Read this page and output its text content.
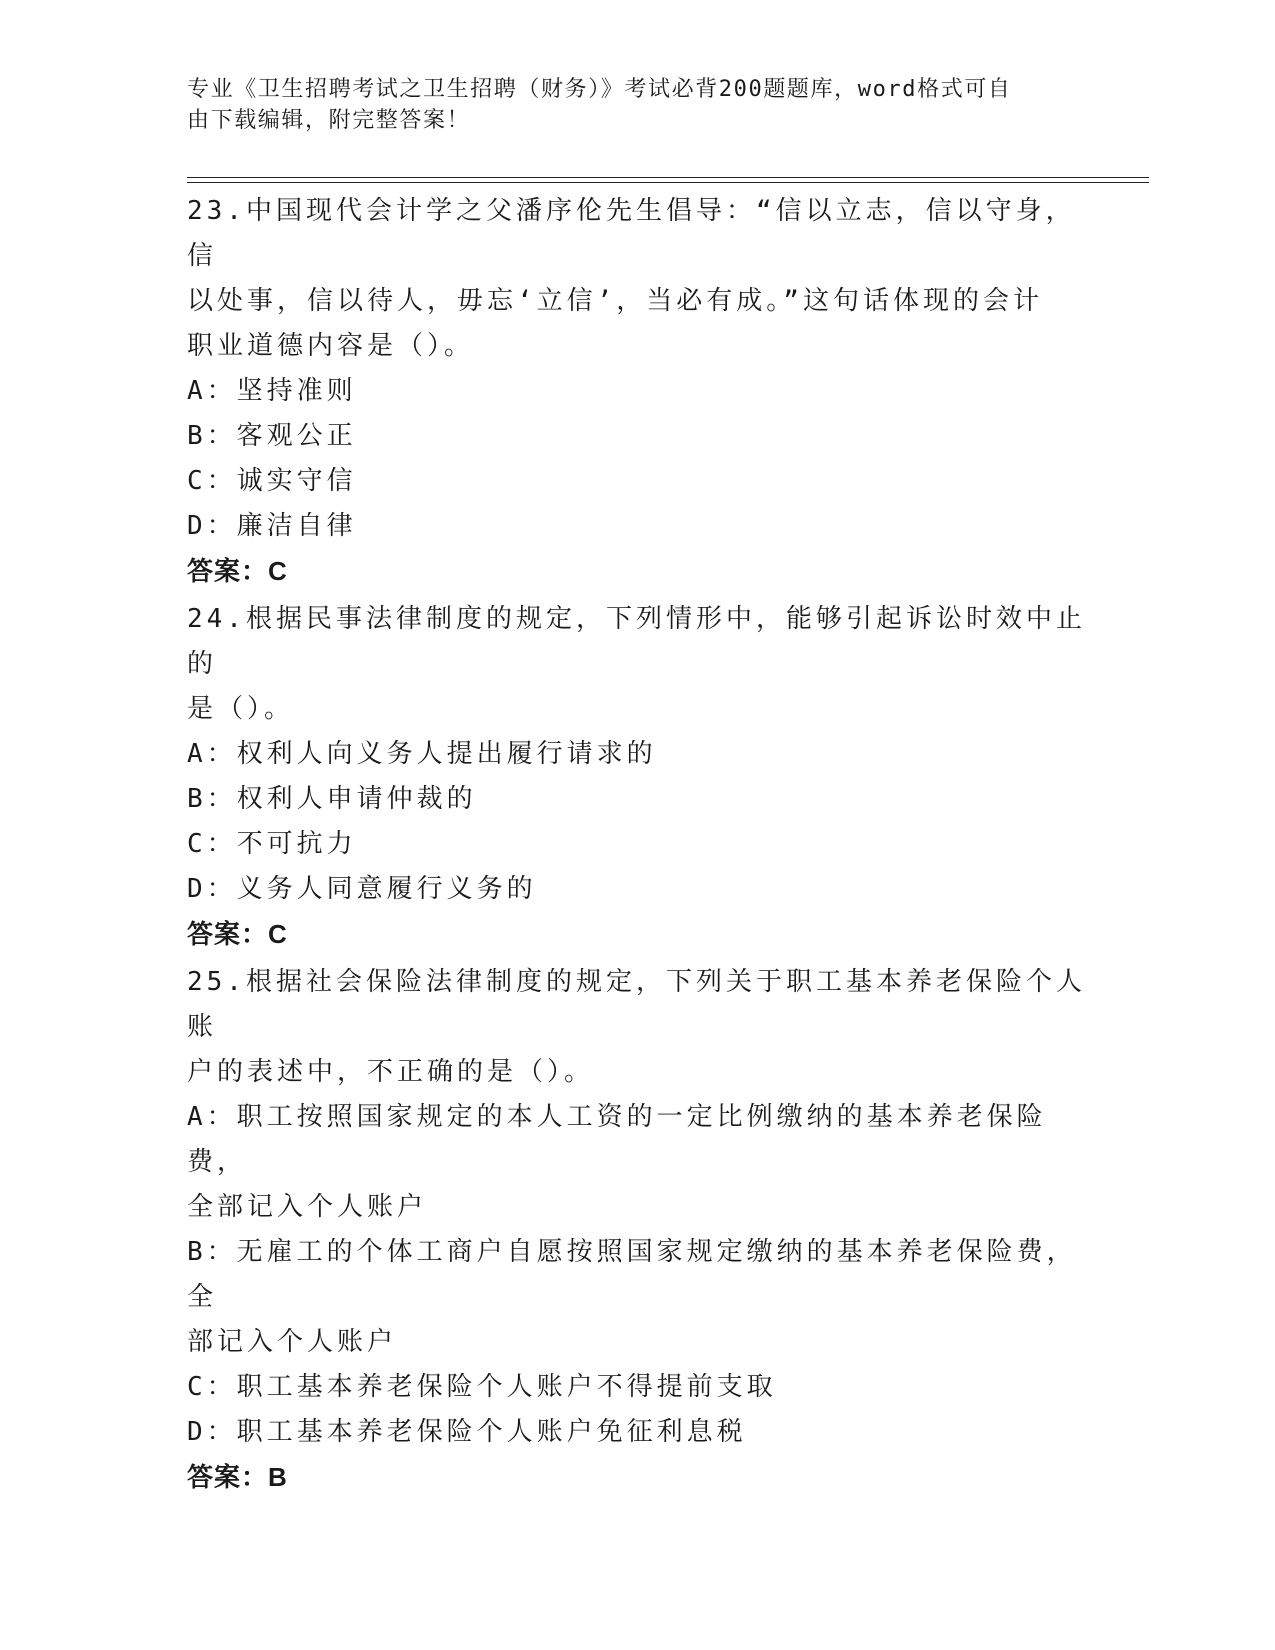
专业《卫生招聘考试之卫生招聘（财务）》考试必背200题题库，word格式可自
由下载编辑，附完整答案！
23.中国现代会计学之父潘序伦先生倡导：“信以立志，信以守身，信
以处事，信以待人，毋忘‘立信’，当必有成。”这句话体现的会计
职业道德内容是（）。
A：坚持准则
B：客观公正
C：诚实守信
D：廉洁自律
答案：C
24.根据民事法律制度的规定，下列情形中，能够引起诉讼时效中止的
是（）。
A：权利人向义务人提出履行请求的
B：权利人申请仲裁的
C：不可抗力
D：义务人同意履行义务的
答案：C
25.根据社会保险法律制度的规定，下列关于职工基本养老保险个人账
户的表述中，不正确的是（）。
A：职工按照国家规定的本人工资的一定比例缴纳的基本养老保险费，
全部记入个人账户
B：无雇工的个体工商户自愿按照国家规定缴纳的基本养老保险费，全
部记入个人账户
C：职工基本养老保险个人账户不得提前支取
D：职工基本养老保险个人账户免征利息税
答案：B
